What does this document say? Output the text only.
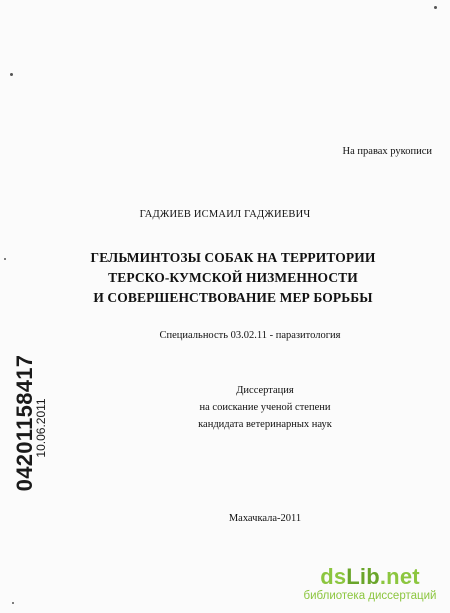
На правах рукописи
ГАДЖИЕВ ИСМАИЛ ГАДЖИЕВИЧ
ГЕЛЬМИНТОЗЫ СОБАК НА ТЕРРИТОРИИ
ТЕРСКО-КУМСКОЙ НИЗМЕННОСТИ
И СОВЕРШЕНСТВОВАНИЕ МЕР БОРЬБЫ
Специальность 03.02.11 - паразитология
Диссертация
на соискание ученой степени
кандидата ветеринарных наук
Махачкала-2011
04201158417
10.06.2011
dsLib.net
библиотека диссертаций
